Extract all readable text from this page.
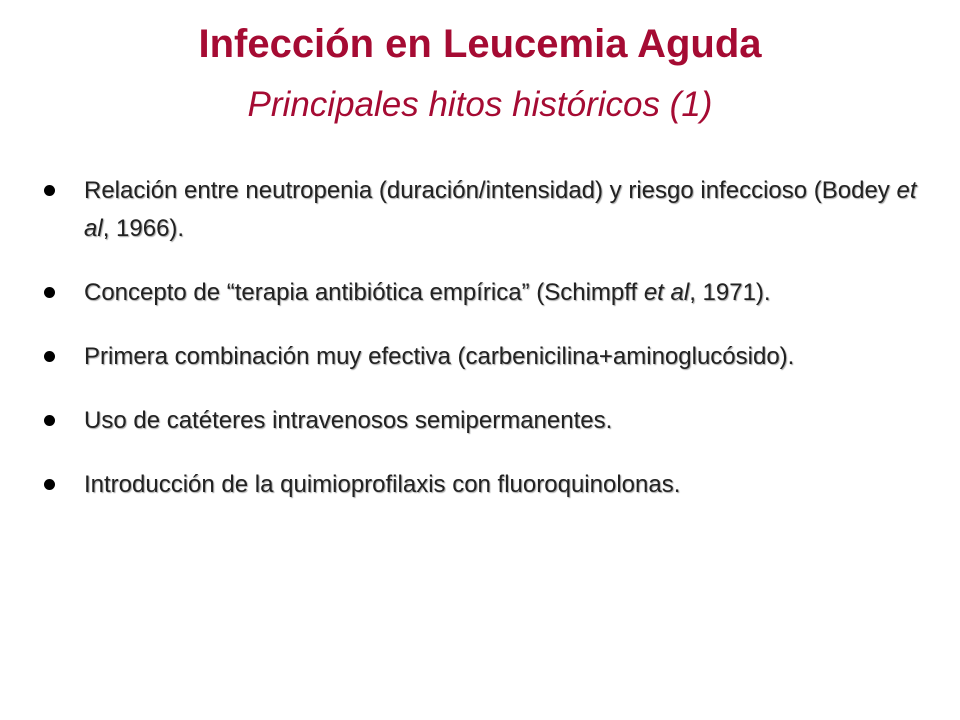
Infección en Leucemia Aguda
Principales hitos históricos (1)
Relación entre neutropenia (duración/intensidad) y riesgo infeccioso (Bodey et al, 1966).
Concepto de “terapia antibiótica empírica” (Schimpff et al, 1971).
Primera combinación muy efectiva (carbenicilina+aminoglucósido).
Uso de catéteres intravenosos semipermanentes.
Introducción de la quimioprofilaxis con fluoroquinolonas.
